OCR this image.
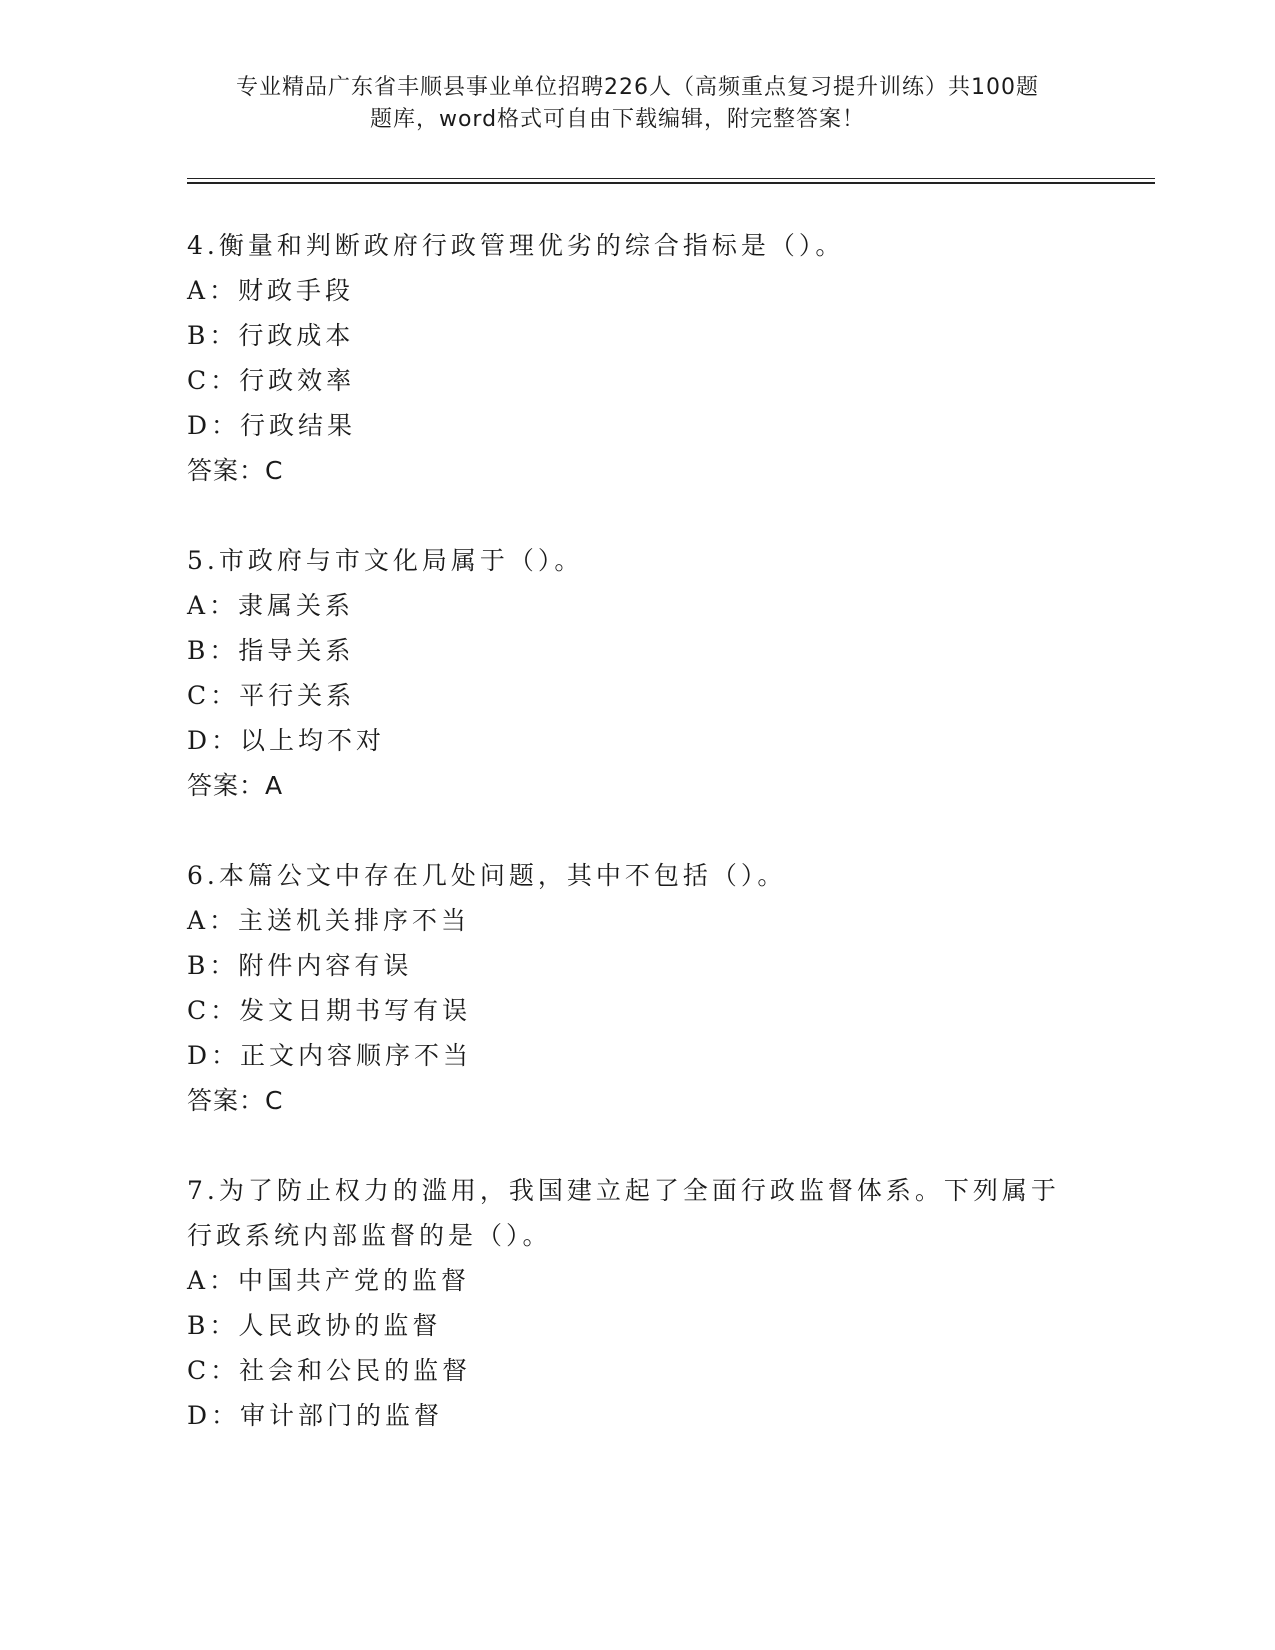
专业精品广东省丰顺县事业单位招聘226人（高频重点复习提升训练）共100题
题库，word格式可自由下载编辑，附完整答案！
4.衡量和判断政府行政管理优劣的综合指标是（）。
A：财政手段
B：行政成本
C：行政效率
D：行政结果
答案：C
5.市政府与市文化局属于（）。
A：隶属关系
B：指导关系
C：平行关系
D：以上均不对
答案：A
6.本篇公文中存在几处问题，其中不包括（）。
A：主送机关排序不当
B：附件内容有误
C：发文日期书写有误
D：正文内容顺序不当
答案：C
7.为了防止权力的滥用，我国建立起了全面行政监督体系。下列属于
行政系统内部监督的是（）。
A：中国共产党的监督
B：人民政协的监督
C：社会和公民的监督
D：审计部门的监督
